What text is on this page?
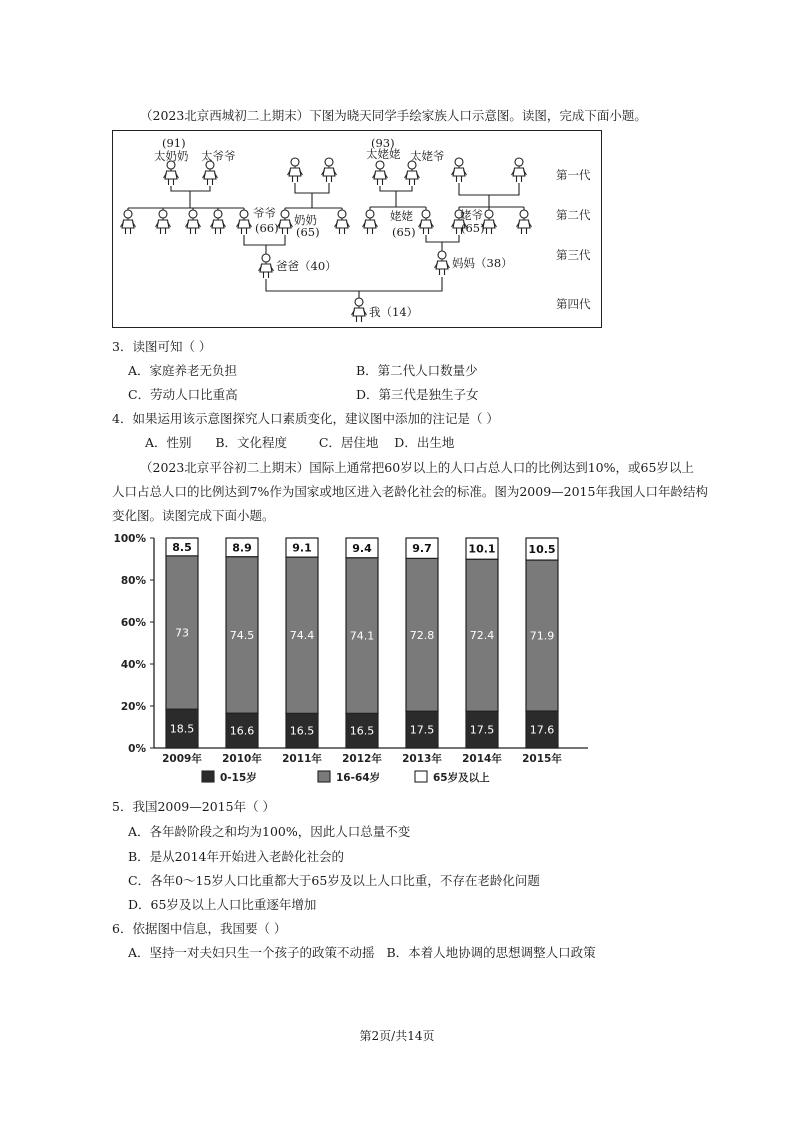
（2023北京西城初二上期末）下图为晓天同学手绘家族人口示意图。读图，完成下面小题。
(91)
太奶奶 太爷爷
(93)
太姥姥 太姥爷
爷爷
(66)
奶奶
(65)
姥姥
(65)
姥爷
(65)
爸爸（40）	妈妈（38）
我（14）
第一代
第二代
第三代
第四代
3．读图可知（ ）
A．家庭养老无负担	B．第二代人口数量少
C．劳动人口比重高	D．第三代是独生子女
4．如果运用该示意图探究人口素质变化，建议图中添加的注记是（ ）
A．性别      B．文化程度        C．居住地    D．出生地
（2023北京平谷初二上期末）国际上通常把60岁以上的人口占总人口的比例达到10%，或65岁以上
人口占总人口的比例达到7%作为国家或地区进入老龄化社会的标准。图为2009—2015年我国人口年龄结构
变化图。读图完成下面小题。
0%
20%
40%
60%
80%
100%
18.5
73
8.5
2009年
16.6
74.5
8.9
2010年
16.5
74.4
9.1
2011年
16.5
74.1
9.4
2012年
17.5
72.8
9.7
2013年
17.5
72.4
10.1
2014年
17.6
71.9
10.5
2015年
0-15岁	16-64岁	65岁及以上
5．我国2009—2015年（ ）
A．各年龄阶段之和均为100%，因此人口总量不变
B．是从2014年开始进入老龄化社会的
C．各年0～15岁人口比重都大于65岁及以上人口比重，不存在老龄化问题
D．65岁及以上人口比重逐年增加
6．依据图中信息，我国要（ ）
A．坚持一对夫妇只生一个孩子的政策不动摇   B．本着人地协调的思想调整人口政策
第2页/共14页
